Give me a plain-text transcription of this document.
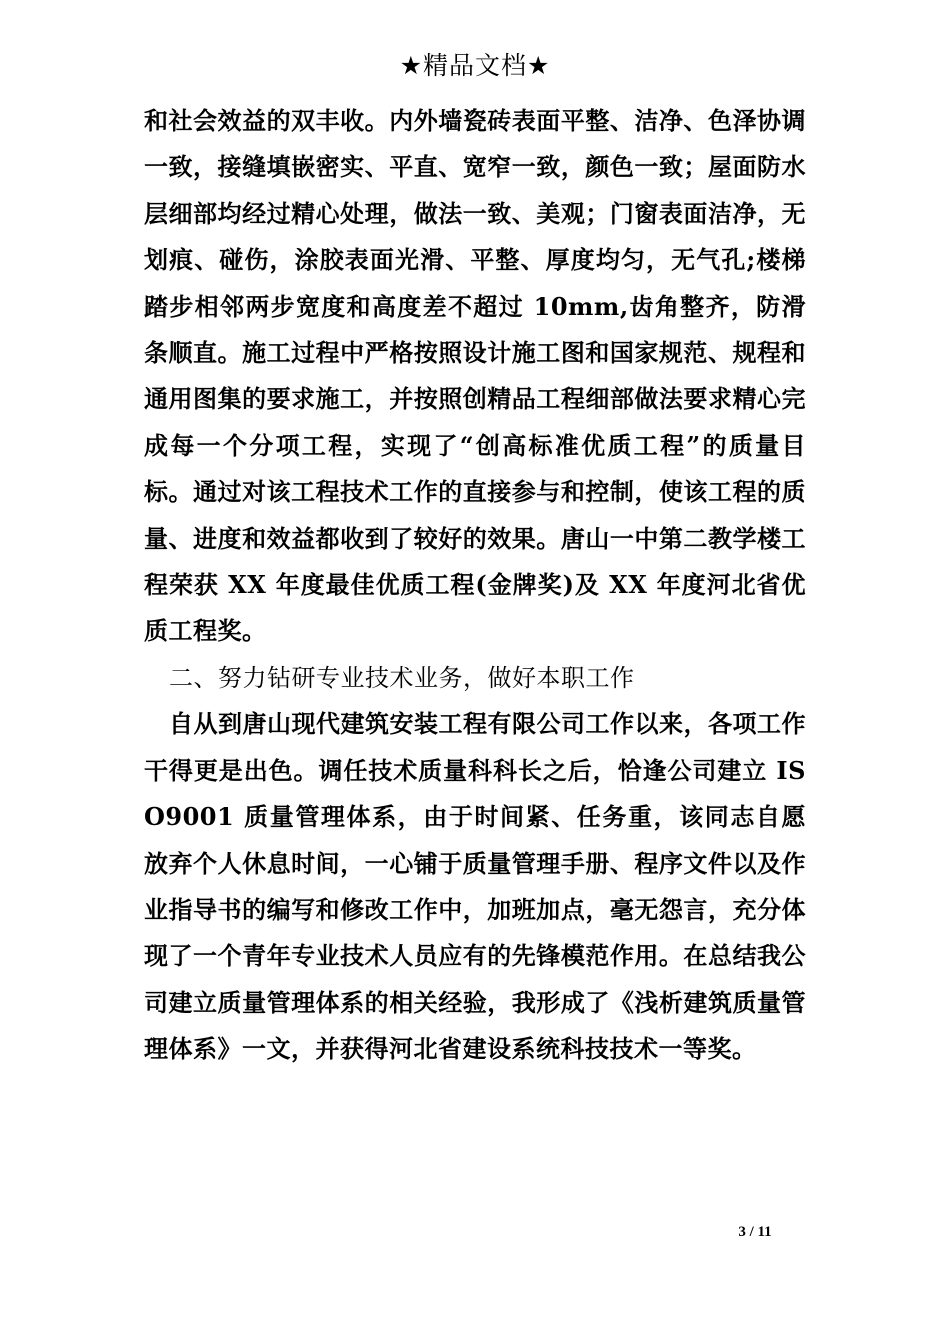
★精品文档★

和社会效益的双丰收。内外墙瓷砖表面平整、洁净、色泽协调一致，接缝填嵌密实、平直、宽窄一致，颜色一致；屋面防水层细部均经过精心处理，做法一致、美观；门窗表面洁净，无划痕、碰伤，涂胶表面光滑、平整、厚度均匀，无气孔;楼梯踏步相邻两步宽度和高度差不超过 10mm,齿角整齐，防滑条顺直。施工过程中严格按照设计施工图和国家规范、规程和通用图集的要求施工，并按照创精品工程细部做法要求精心完成每一个分项工程，实现了“创高标准优质工程”的质量目标。通过对该工程技术工作的直接参与和控制，使该工程的质量、进度和效益都收到了较好的效果。唐山一中第二教学楼工程荣获 XX 年度最佳优质工程(金牌奖)及 XX 年度河北省优质工程奖。

二、努力钻研专业技术业务，做好本职工作

自从到唐山现代建筑安装工程有限公司工作以来，各项工作干得更是出色。调任技术质量科科长之后，恰逢公司建立 ISO9001 质量管理体系，由于时间紧、任务重，该同志自愿放弃个人休息时间，一心铺于质量管理手册、程序文件以及作业指导书的编写和修改工作中，加班加点，毫无怨言，充分体现了一个青年专业技术人员应有的先锋模范作用。在总结我公司建立质量管理体系的相关经验，我形成了《浅析建筑质量管理体系》一文，并获得河北省建设系统科技技术一等奖。

3 / 11
